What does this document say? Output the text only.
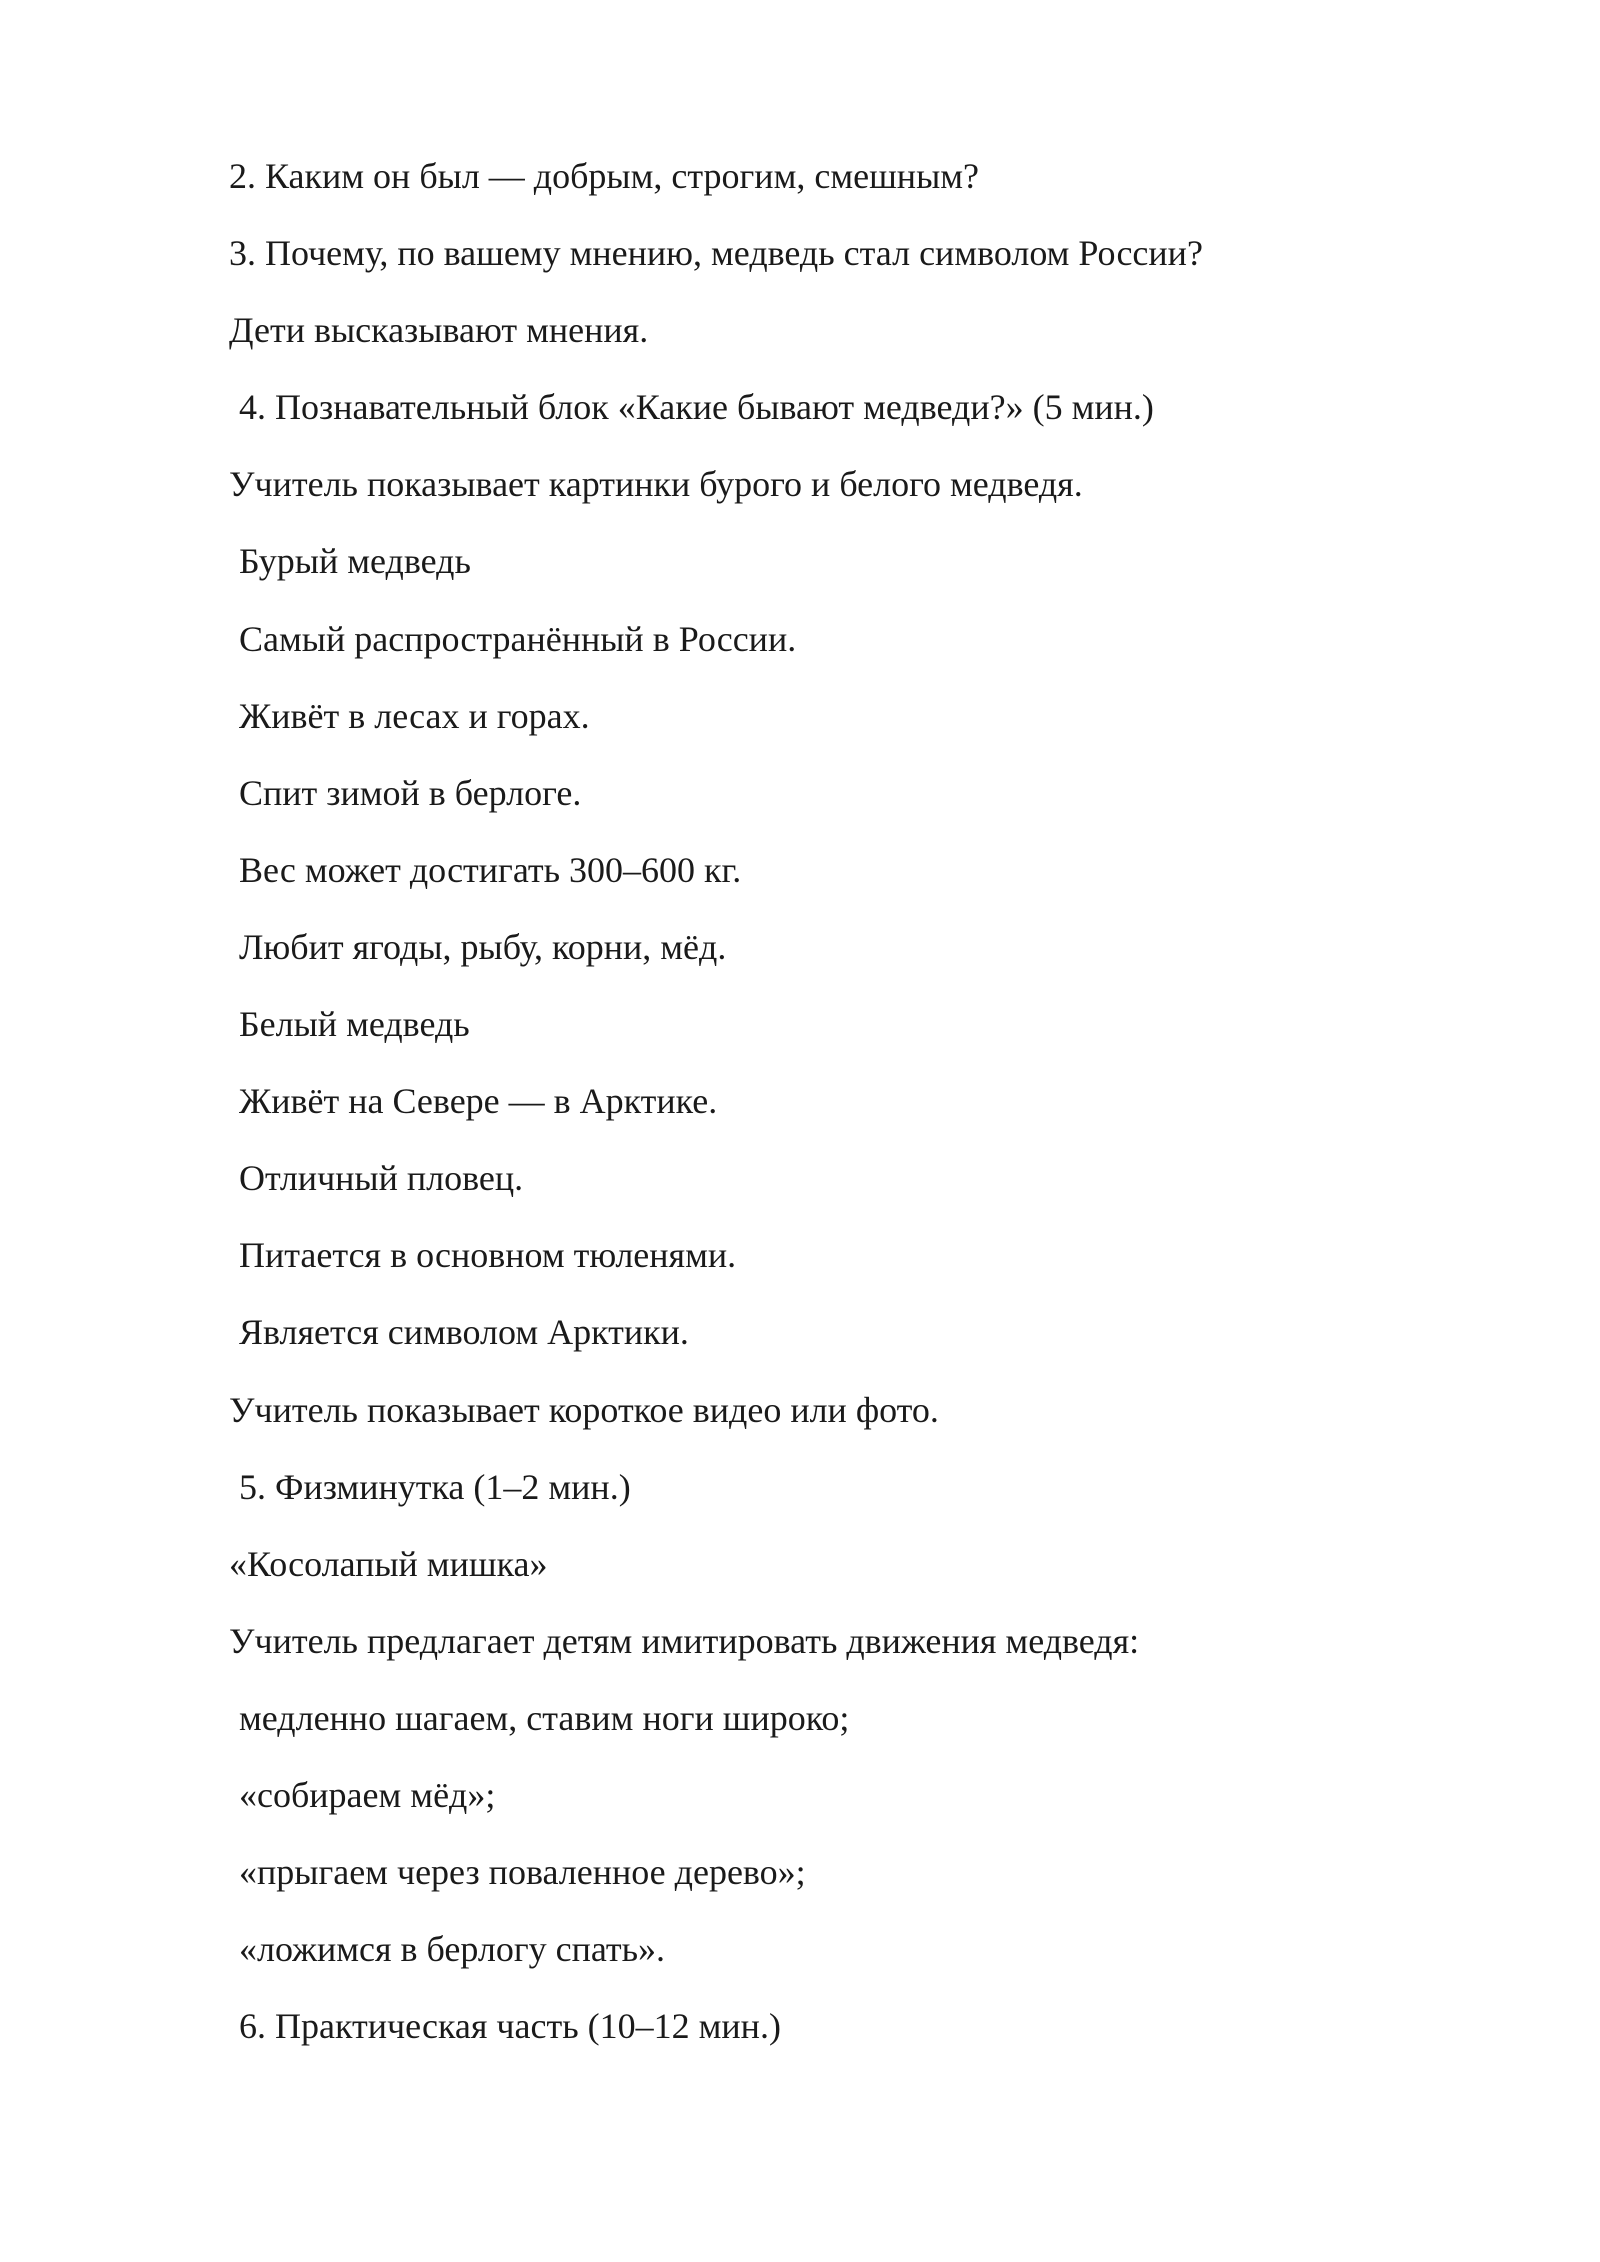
2. Каким он был — добрым, строгим, смешным?
3. Почему, по вашему мнению, медведь стал символом России?
Дети высказывают мнения.
4. Познавательный блок «Какие бывают медведи?» (5 мин.)
Учитель показывает картинки бурого и белого медведя.
Бурый медведь
Самый распространённый в России.
Живёт в лесах и горах.
Спит зимой в берлоге.
Вес может достигать 300–600 кг.
Любит ягоды, рыбу, корни, мёд.
Белый медведь
Живёт на Севере — в Арктике.
Отличный пловец.
Питается в основном тюленями.
Является символом Арктики.
Учитель показывает короткое видео или фото.
5. Физминутка (1–2 мин.)
«Косолапый мишка»
Учитель предлагает детям имитировать движения медведя:
медленно шагаем, ставим ноги широко;
«собираем мёд»;
«прыгаем через поваленное дерево»;
«ложимся в берлогу спать».
6. Практическая часть (10–12 мин.)
